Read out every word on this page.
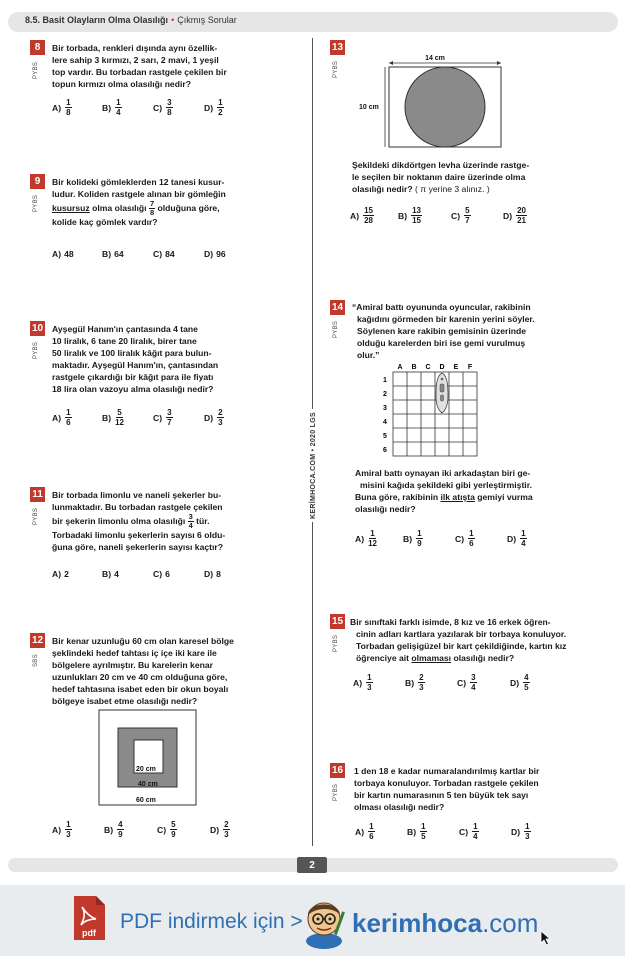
8.5. Basit Olayların Olma Olasılığı • Çıkmış Sorular
KERİMHOCA.COM • 2020 LGS
8
PYBS
Bir torbada, renkleri dışında aynı özellik-
lere sahip 3 kırmızı, 2 sarı, 2 mavi, 1 yeşil
top vardır. Bu torbadan rastgele çekilen bir
topun kırmızı olma olasılığı nedir?
$A) \frac{1}{8}$	$B) \frac{1}{4}$	$C) \frac{3}{8}$	$D) \frac{1}{2}$
9
PYBS
Bir kolideki gömleklerden 12 tanesi kusur-
ludur. Koliden rastgele alınan bir gömleğin
kusursuz olma olasılığı $\frac{7}{8}$ olduğuna göre,
kolide kaç gömlek vardır?
A) 48	B) 64	C) 84	D) 96
10
PYBS
Ayşegül Hanım'ın çantasında 4 tane
10 liralık, 6 tane 20 liralık, birer tane
50 liralık ve 100 liralık kâğıt para bulun-
maktadır. Ayşegül Hanım'ın, çantasından
rastgele çıkardığı bir kâğıt para ile fiyatı
18 lira olan vazoyu alma olasılığı nedir?
$A) \frac{1}{6}$	$B) \frac{5}{12}$	$C) \frac{3}{7}$	$D) \frac{2}{3}$
11
PYBS
Bir torbada limonlu ve naneli şekerler bu-
lunmaktadır. Bu torbadan rastgele çekilen
bir şekerin limonlu olma olasılığı $\frac{3}{4}$ tür.
Torbadaki limonlu şekerlerin sayısı 6 oldu-
ğuna göre, naneli şekerlerin sayısı kaçtır?
A) 2	B) 4	C) 6	D) 8
12
SBS
Bir kenar uzunluğu 60 cm olan karesel bölge
şeklindeki hedef tahtası iç içe iki kare ile
bölgelere ayrılmıştır. Bu karelerin kenar
uzunlukları 20 cm ve 40 cm olduğuna göre,
hedef tahtasına isabet eden bir okun boyalı
bölgeye isabet etme olasılığı nedir?
20 cm
40 cm
60 cm
$A) \frac{1}{3}$	$B) \frac{4}{9}$	$C) \frac{5}{9}$	$D) \frac{2}{3}$
13
PYBS
14 cm
10 cm
Şekildeki dikdörtgen levha üzerinde rastge-
le seçilen bir noktanın daire üzerinde olma
olasılığı nedir? ( π yerine 3 alınız. )
$A) \frac{15}{28}$	$B) \frac{13}{15}$	$C) \frac{5}{7}$	$D) \frac{20}{21}$
14
PYBS
“Amiral battı oyununda oyuncular, rakibinin
kağıdını görmeden bir karenin yerini söyler.
Söylenen kare rakibin gemisinin üzerinde
olduğu karelerden biri ise gemi vurulmuş
olur.”
A B C D E F
1
2
3
4
5
6
Amiral battı oynayan iki arkadaştan biri ge-
misini kağıda şekildeki gibi yerleştirmiştir.
Buna göre, rakibinin ilk atışta gemiyi vurma
olasılığı nedir?
$A) \frac{1}{12}$	$B) \frac{1}{9}$	$C) \frac{1}{6}$	$D) \frac{1}{4}$
15
PYBS
Bir sınıftaki farklı isimde, 8 kız ve 16 erkek öğren-
cinin adları kartlara yazılarak bir torbaya konuluyor.
Torbadan gelişigüzel bir kart çekildiğinde, kartın kız
öğrenciye ait olmaması olasılığı nedir?
$A) \frac{1}{3}$	$B) \frac{2}{3}$	$C) \frac{3}{4}$	$D) \frac{4}{5}$
16
PYBS
1 den 18 e kadar numaralandırılmış kartlar bir
torbaya konuluyor. Torbadan rastgele çekilen
bir kartın numarasının 5 ten büyük tek sayı
olması olasılığı nedir?
$A) \frac{1}{6}$	$B) \frac{1}{5}$	$C) \frac{1}{4}$	$D) \frac{1}{3}$
2
pdf PDF indirmek için > kerimhoca.com
